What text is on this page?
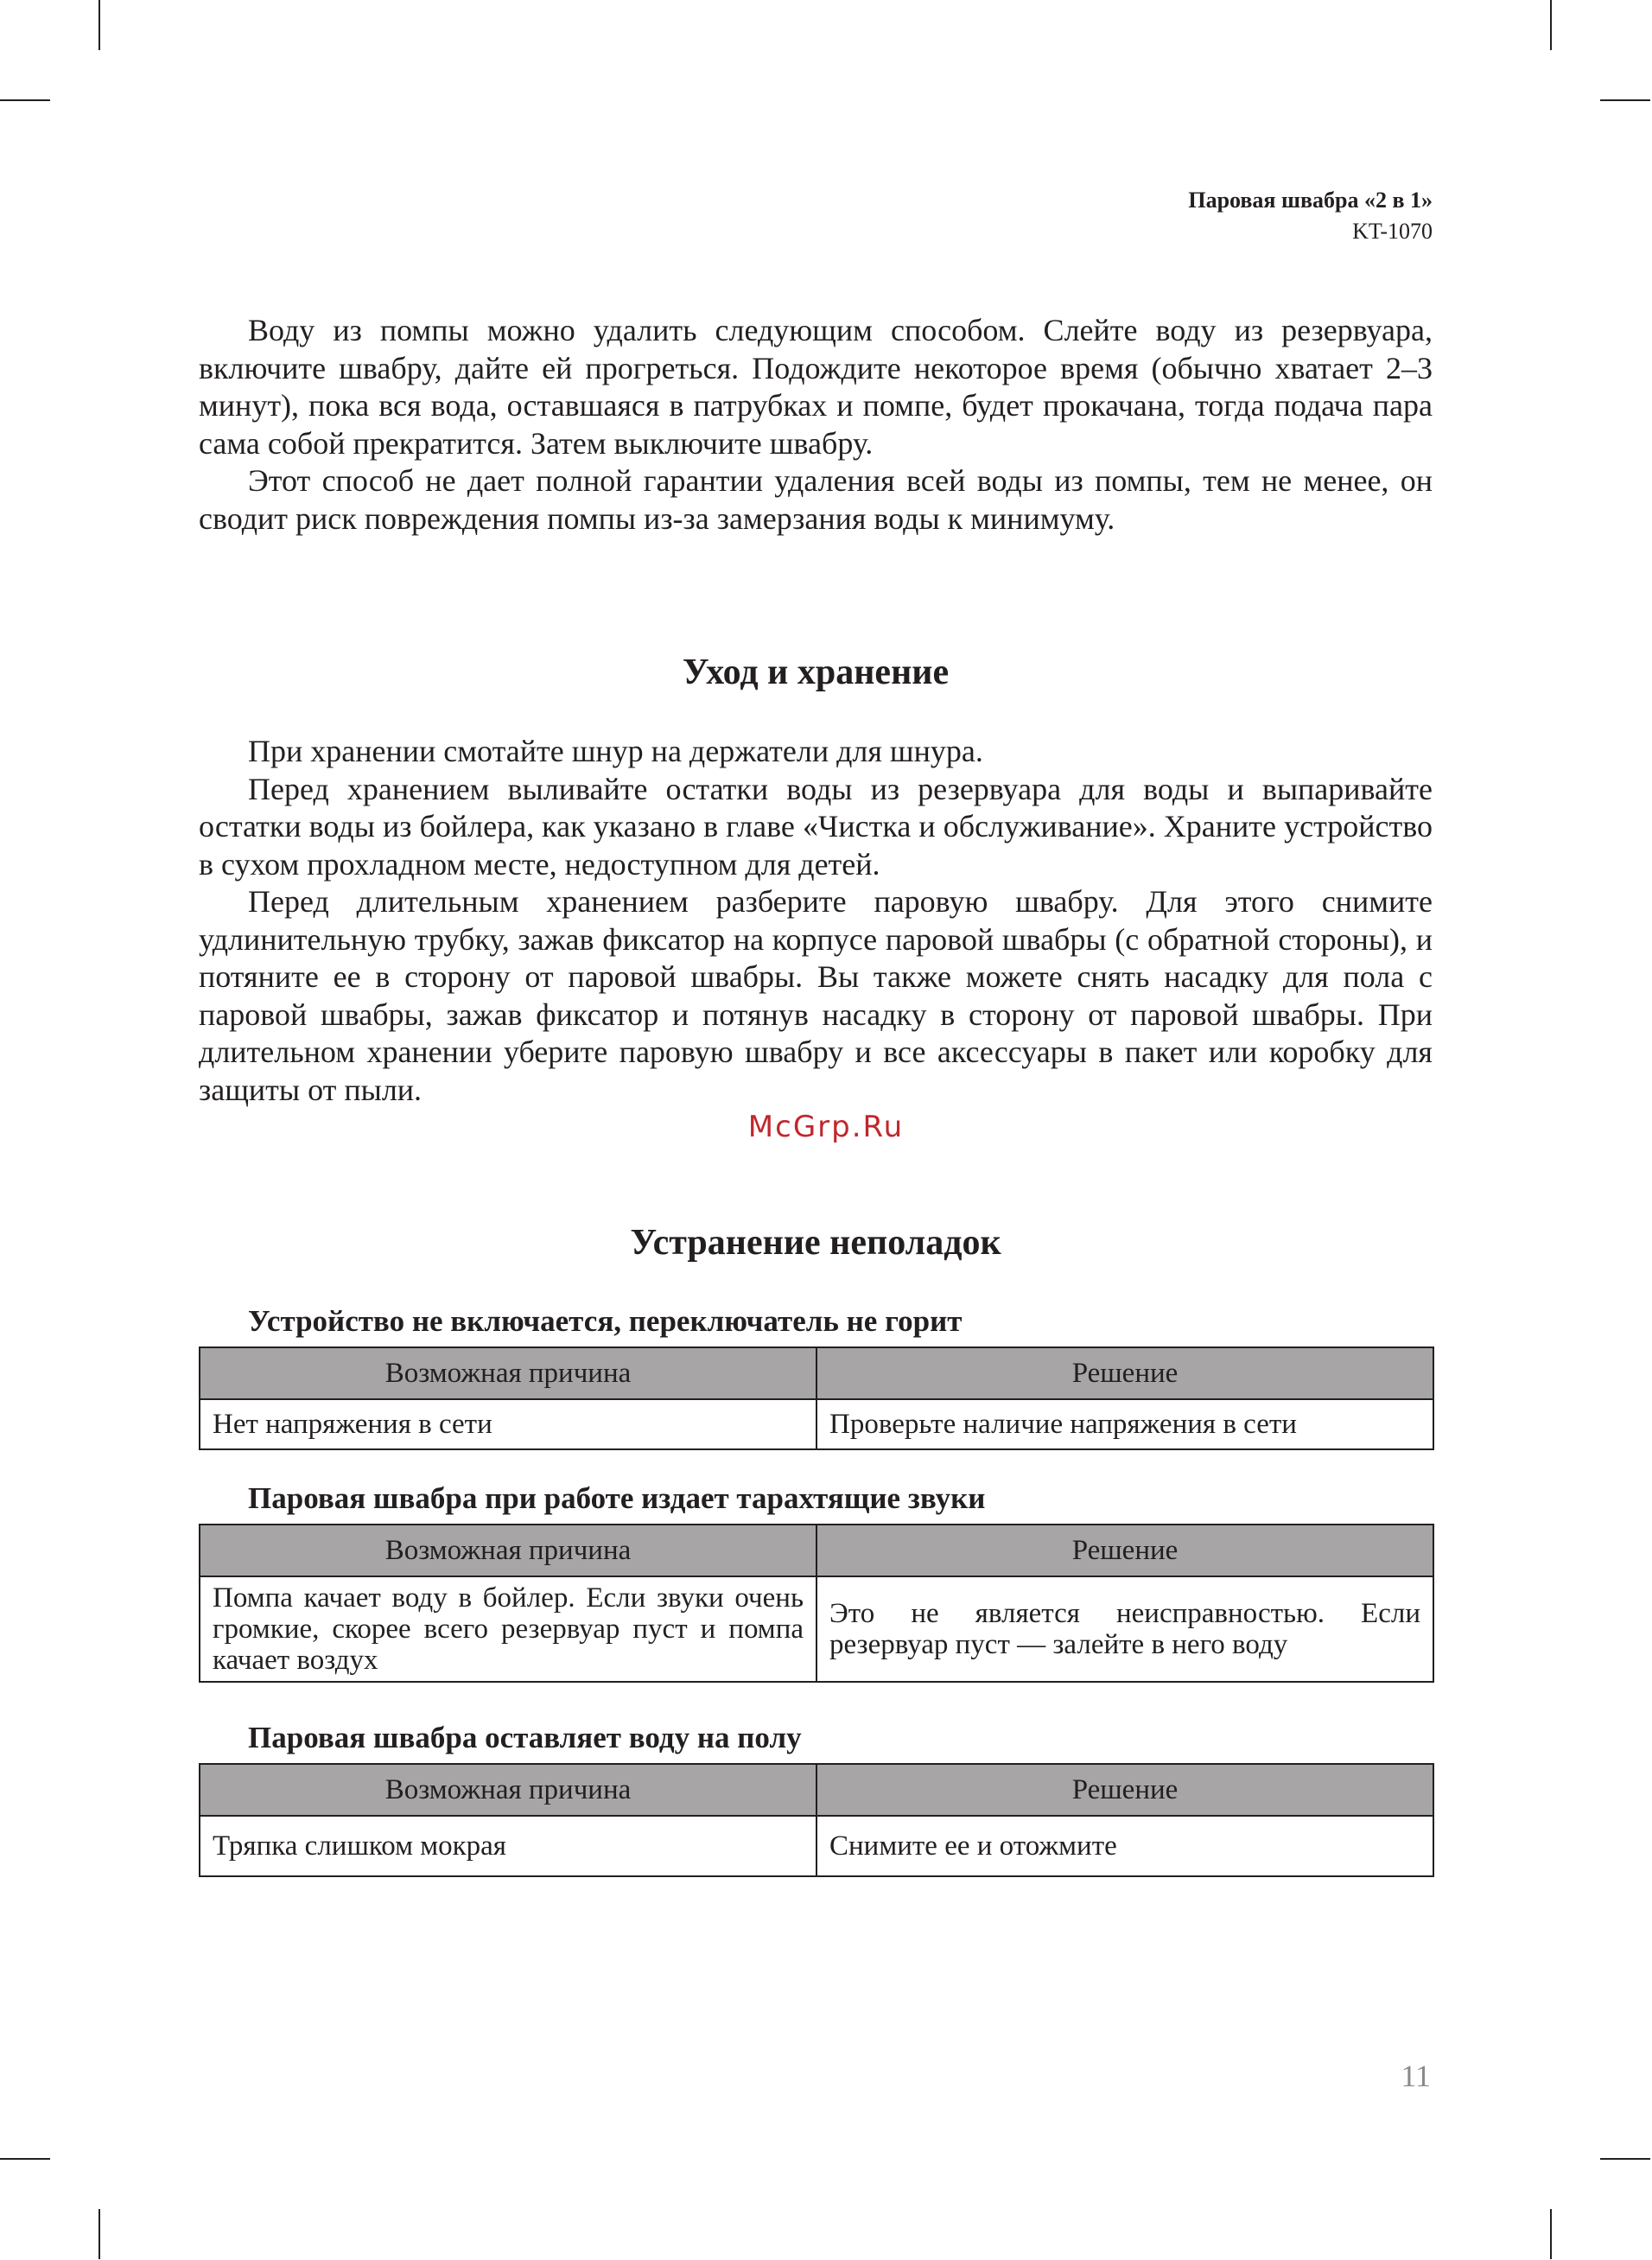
Паровая швабра «2 в 1»
KT-1070

Воду из помпы можно удалить следующим способом. Слейте воду из резервуара, включите швабру, дайте ей прогреться. Подождите некоторое время (обычно хватает 2–3 минут), пока вся вода, оставшаяся в патрубках и помпе, будет прокачана, тогда подача пара сама собой прекратится. Затем выключите швабру.

Этот способ не дает полной гарантии удаления всей воды из помпы, тем не менее, он сводит риск повреждения помпы из-за замерзания воды к минимуму.

Уход и хранение

При хранении смотайте шнур на держатели для шнура.

Перед хранением выливайте остатки воды из резервуара для воды и выпаривайте остатки воды из бойлера, как указано в главе «Чистка и обслуживание». Храните устройство в сухом прохладном месте, недоступном для детей.

Перед длительным хранением разберите паровую швабру. Для этого снимите удлинительную трубку, зажав фиксатор на корпусе паровой швабры (с обратной стороны), и потяните ее в сторону от паровой швабры. Вы также можете снять насадку для пола с паровой швабры, зажав фиксатор и потянув насадку в сторону от паровой швабры. При длительном хранении уберите паровую швабру и все аксессуары в пакет или коробку для защиты от пыли.

McGrp.Ru
Устранение неполадок
Устройство не включается, переключатель не горит
Возможная причина	Решение
Нет напряжения в сети	Проверьте наличие напряжения в сети
Паровая швабра при работе издает тарахтящие звуки
Возможная причина	Решение
Помпа качает воду в бойлер. Если звуки очень громкие, скорее всего резервуар пуст и помпа качает воздух	Это не является неисправностью. Если резервуар пуст — залейте в него воду
Паровая швабра оставляет воду на полу
Возможная причина	Решение
Тряпка слишком мокрая	Снимите ее и отожмите
11
